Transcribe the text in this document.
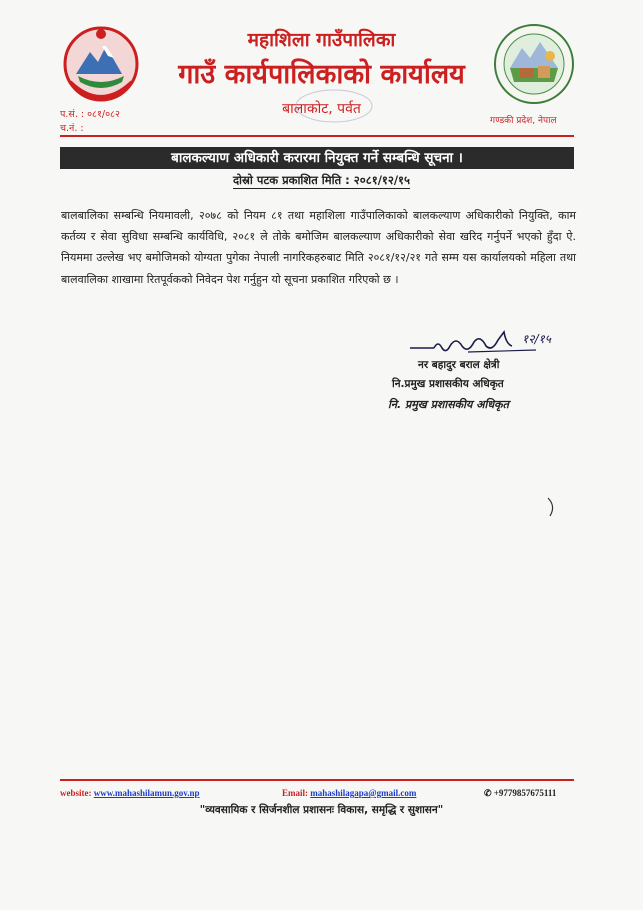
महाशिला गाउँपालिका
गाउँ कार्यपालिकाको कार्यालय
बालाकोट, पर्वत
प.सं. : ०८१/०८२
च.नं. :
गण्डकी प्रदेश, नेपाल
बालकल्याण अधिकारी करारमा नियुक्त गर्ने सम्बन्धि सूचना ।
दोस्रो पटक प्रकाशित मिति : २०८१/१२/१५
बालबालिका सम्बन्धि नियमावली, २०७८ को नियम ८१ तथा महाशिला गाउँपालिकाको बालकल्याण अधिकारीको नियुक्ति, काम कर्तव्य र सेवा सुविधा सम्बन्धि कार्यविधि, २०८१ ले तोके बमोजिम बालकल्याण अधिकारीको सेवा खरिद गर्नुपर्ने भएको हुँदा ऐ. नियममा उल्लेख भए बमोजिमको योग्यता पुगेका नेपाली नागरिकहरुबाट मिति २०८१/१२/२१ गते सम्म यस कार्यालयको महिला तथा बालवालिका शाखामा रितपूर्वकको निवेदन पेश गर्नुहुन यो सूचना प्रकाशित गरिएको छ ।
१२/१५
नर बहादुर बराल क्षेत्री
नि.प्रमुख प्रशासकीय अधिकृत
नि. प्रमुख प्रशासकीय अधिकृत
website: www.mahashilamun.gov.np	Email: mahashilagapa@gmail.com	✆ +9779857675111
"व्यवसायिक र सिर्जनशील प्रशासनः विकास, समृद्धि र सुशासन"
